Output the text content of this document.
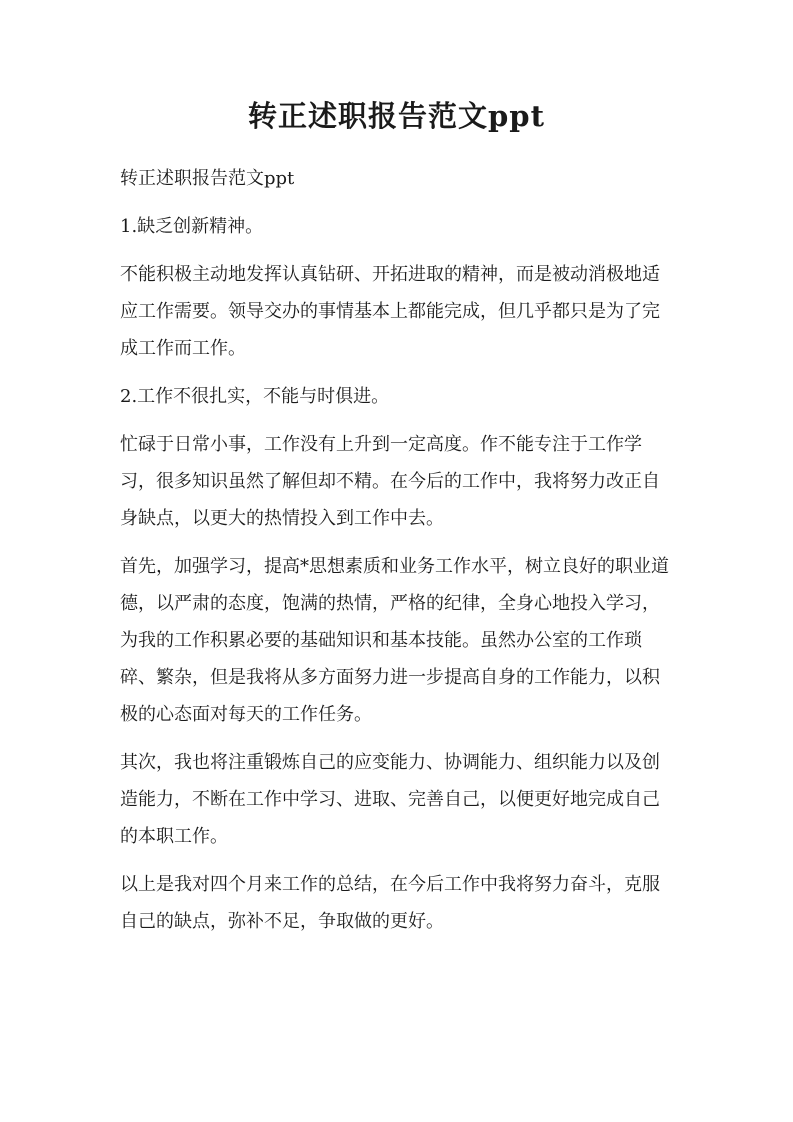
转正述职报告范文ppt

转正述职报告范文ppt

1.缺乏创新精神。

不能积极主动地发挥认真钻研、开拓进取的精神，而是被动消极地适应工作需要。领导交办的事情基本上都能完成，但几乎都只是为了完成工作而工作。

2.工作不很扎实，不能与时俱进。

忙碌于日常小事，工作没有上升到一定高度。作不能专注于工作学习，很多知识虽然了解但却不精。在今后的工作中，我将努力改正自身缺点，以更大的热情投入到工作中去。

首先，加强学习，提高*思想素质和业务工作水平，树立良好的职业道德，以严肃的态度，饱满的热情，严格的纪律，全身心地投入学习，为我的工作积累必要的基础知识和基本技能。虽然办公室的工作琐碎、繁杂，但是我将从多方面努力进一步提高自身的工作能力，以积极的心态面对每天的工作任务。

其次，我也将注重锻炼自己的应变能力、协调能力、组织能力以及创造能力，不断在工作中学习、进取、完善自己，以便更好地完成自己的本职工作。

以上是我对四个月来工作的总结，在今后工作中我将努力奋斗，克服自己的缺点，弥补不足，争取做的更好。
